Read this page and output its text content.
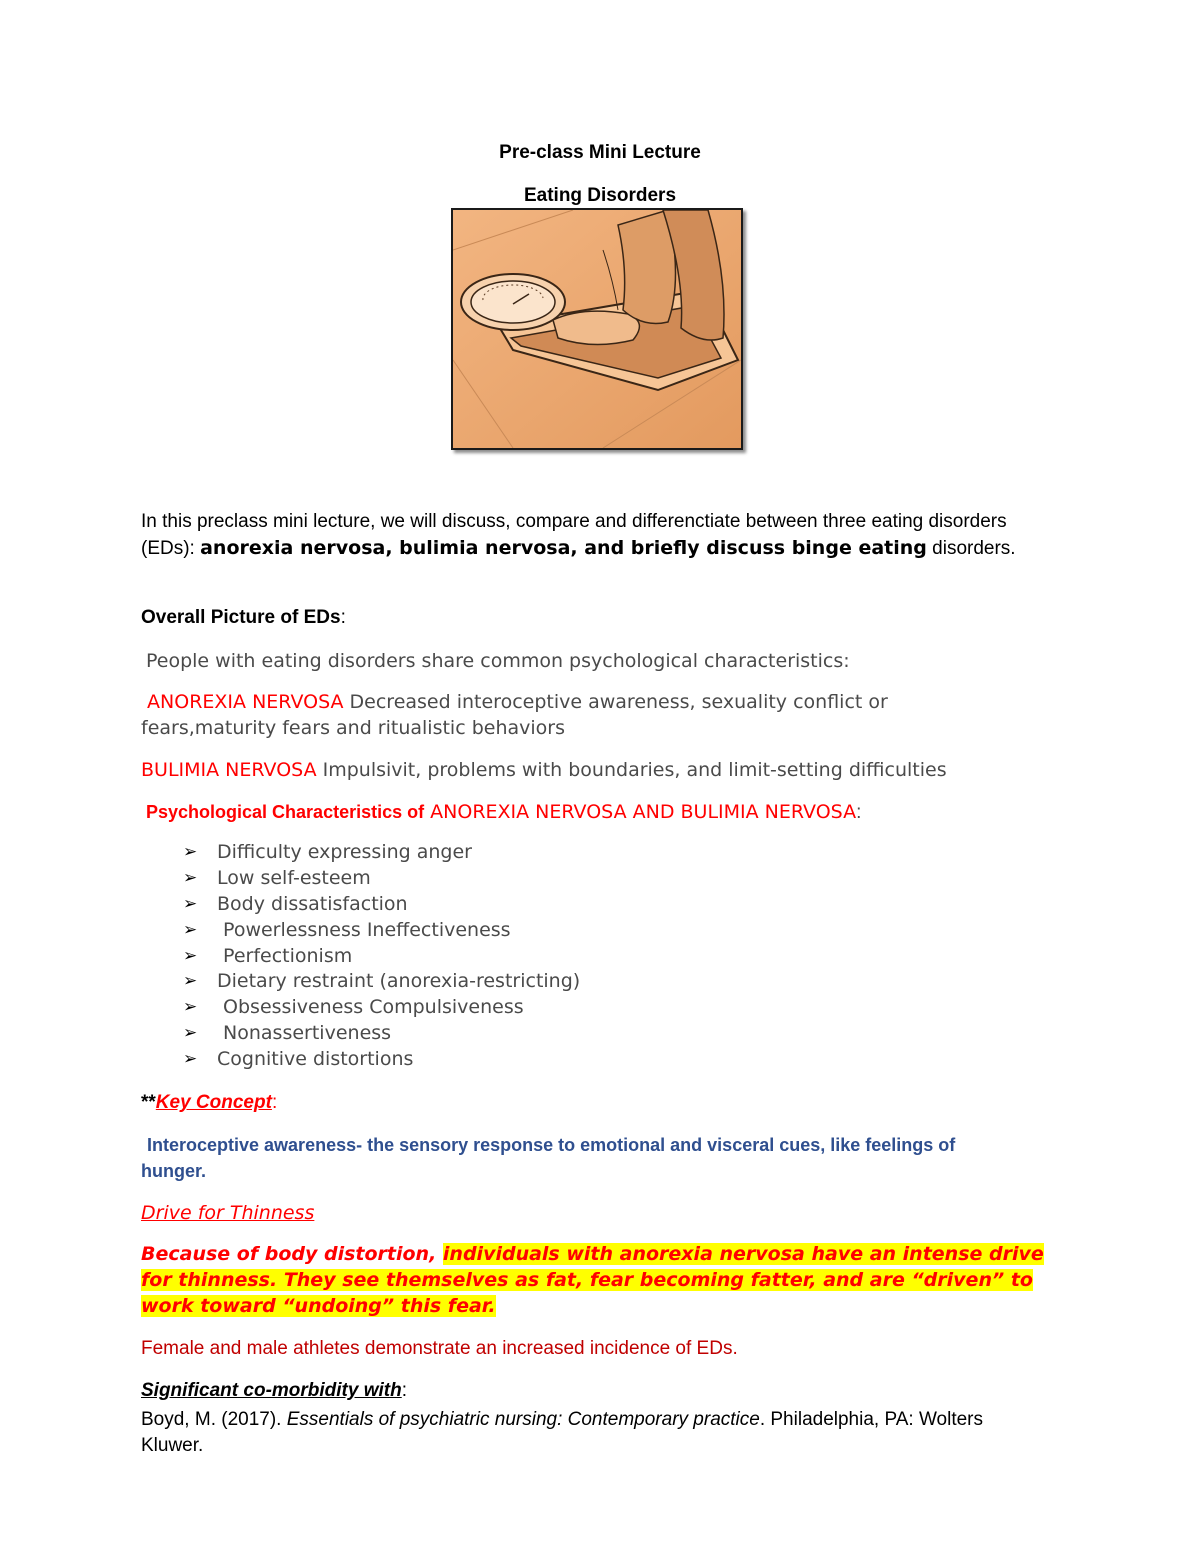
Pre-class Mini Lecture
Eating Disorders
In this preclass mini lecture, we will discuss, compare and differenctiate between three eating disorders (EDs): anorexia nervosa, bulimia nervosa, and briefly discuss binge eating disorders.
Overall Picture of EDs:
People with eating disorders share common psychological characteristics:
ANOREXIA NERVOSA Decreased interoceptive awareness, sexuality conflict or fears,maturity fears and ritualistic behaviors
BULIMIA NERVOSA Impulsivit, problems with boundaries, and limit-setting difficulties
Psychological Characteristics of ANOREXIA NERVOSA AND BULIMIA NERVOSA:
➢ Difficulty expressing anger
➢ Low self-esteem
➢ Body dissatisfaction
➢ Powerlessness Ineffectiveness
➢ Perfectionism
➢ Dietary restraint (anorexia-restricting)
➢ Obsessiveness Compulsiveness
➢ Nonassertiveness
➢ Cognitive distortions
**Key Concept:
Interoceptive awareness- the sensory response to emotional and visceral cues, like feelings of hunger.
Drive for Thinness
Because of body distortion, individuals with anorexia nervosa have an intense drive for thinness. They see themselves as fat, fear becoming fatter, and are “driven” to work toward “undoing” this fear.
Female and male athletes demonstrate an increased incidence of EDs.
Significant co-morbidity with:
Boyd, M. (2017). Essentials of psychiatric nursing: Contemporary practice. Philadelphia, PA: Wolters Kluwer.
